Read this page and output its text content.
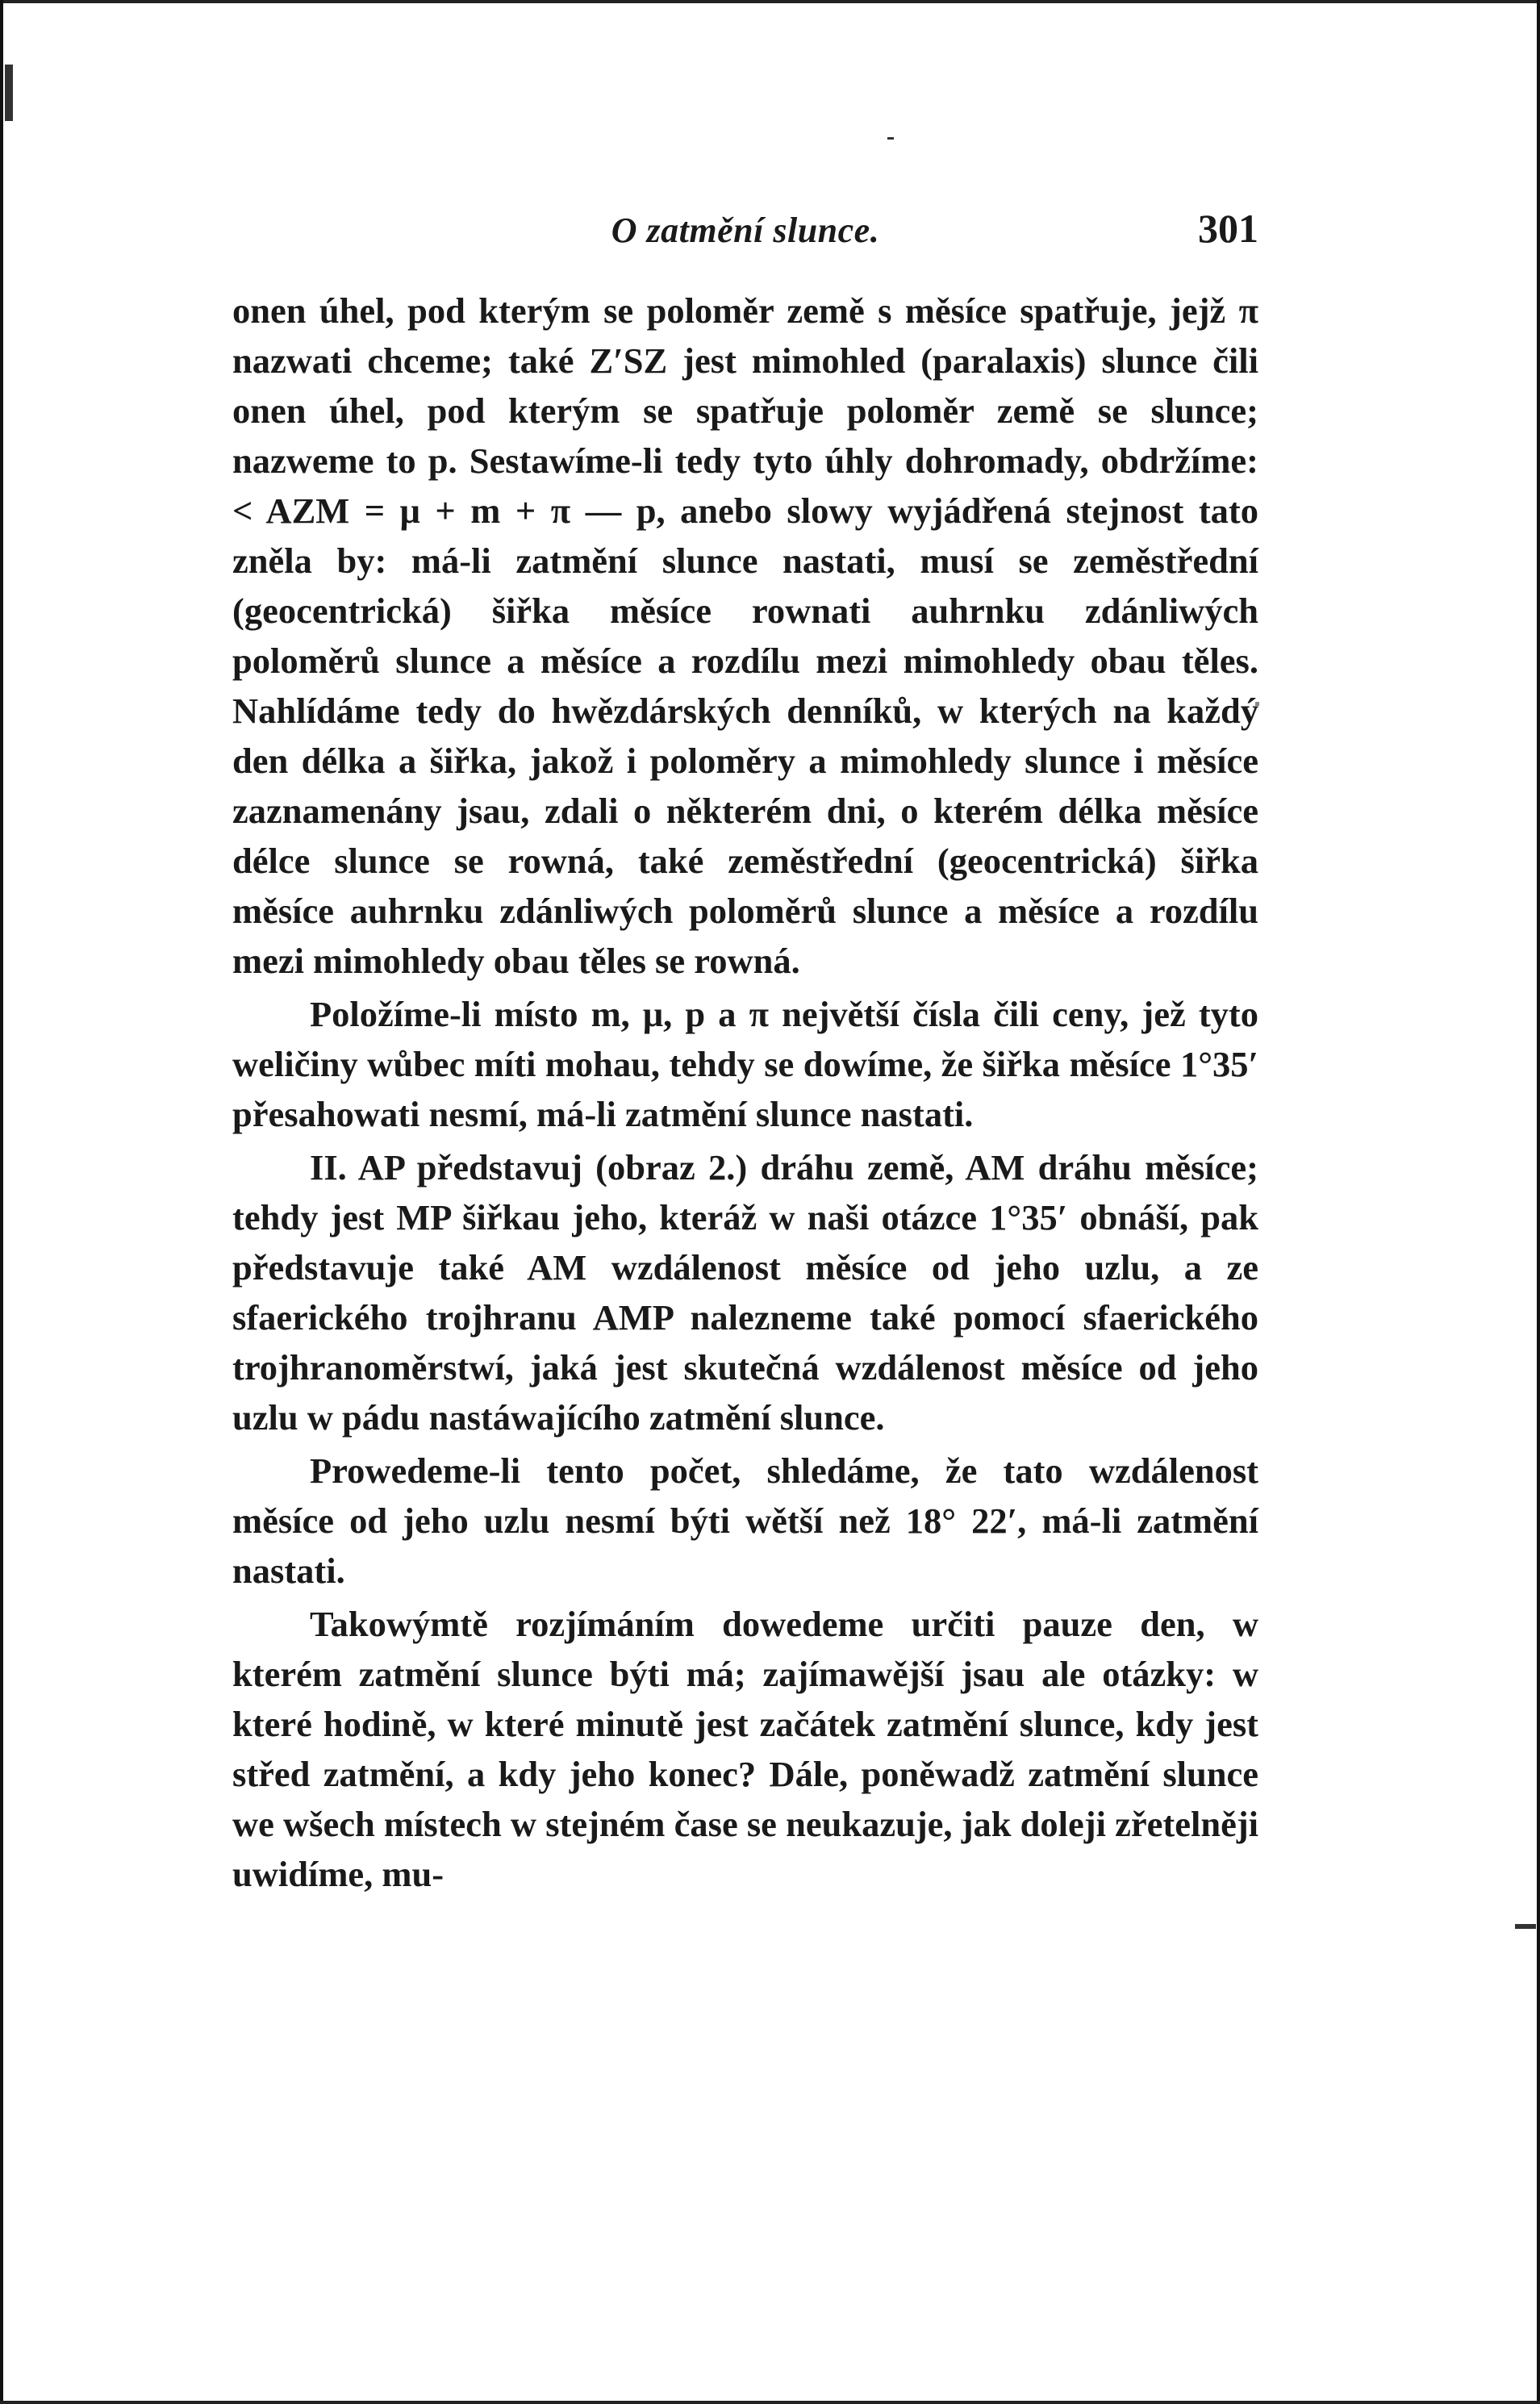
O zatmění slunce.	301

onen úhel, pod kterým se poloměr země s měsíce spatřuje, jejž π nazwati chceme; také Z′SZ jest mimohled (paralaxis) slunce čili onen úhel, pod kterým se spatřuje poloměr země se slunce; nazweme to p. Sestawíme-li tedy tyto úhly dohromady, obdržíme: < AZM = μ + m + π — p, anebo slowy wyjádřená stejnost tato zněla by: má-li zatmění slunce nastati, musí se zeměstřední (geocentrická) šiřka měsíce rownati auhrnku zdánliwých poloměrů slunce a měsíce a rozdílu mezi mimohledy obau těles. Nahlídáme tedy do hwězdárských denníků, w kterých na každý den délka a šiřka, jakož i poloměry a mimohledy slunce i měsíce zaznamenány jsau, zdali o některém dni, o kterém délka měsíce délce slunce se rowná, také zeměstřední (geocentrická) šiřka měsíce auhrnku zdánliwých poloměrů slunce a měsíce a rozdílu mezi mimohledy obau těles se rowná.

Položíme-li místo m, μ, p a π největší čísla čili ceny, jež tyto weličiny wůbec míti mohau, tehdy se dowíme, že šiřka měsíce 1°35′ přesahowati nesmí, má-li zatmění slunce nastati.

II. AP představuj (obraz 2.) dráhu země, AM dráhu měsíce; tehdy jest MP šiřkau jeho, kteráž w naši otázce 1°35′ obnáší, pak představuje také AM wzdálenost měsíce od jeho uzlu, a ze sfaerického trojhranu AMP nalezneme také pomocí sfaerického trojhranoměrstwí, jaká jest skutečná wzdálenost měsíce od jeho uzlu w pádu nastáwajícího zatmění slunce.

Prowedeme-li tento počet, shledáme, že tato wzdálenost měsíce od jeho uzlu nesmí býti wětší než 18° 22′, má-li zatmění nastati.

Takowýmtě rozjímáním dowedeme určiti pauze den, w kterém zatmění slunce býti má; zajímawější jsau ale otázky: w které hodině, w které minutě jest začátek zatmění slunce, kdy jest střed zatmění, a kdy jeho konec? Dále, poněwadž zatmění slunce we wšech místech w stejném čase se neukazuje, jak doleji zřetelněji uwidíme, mu-
